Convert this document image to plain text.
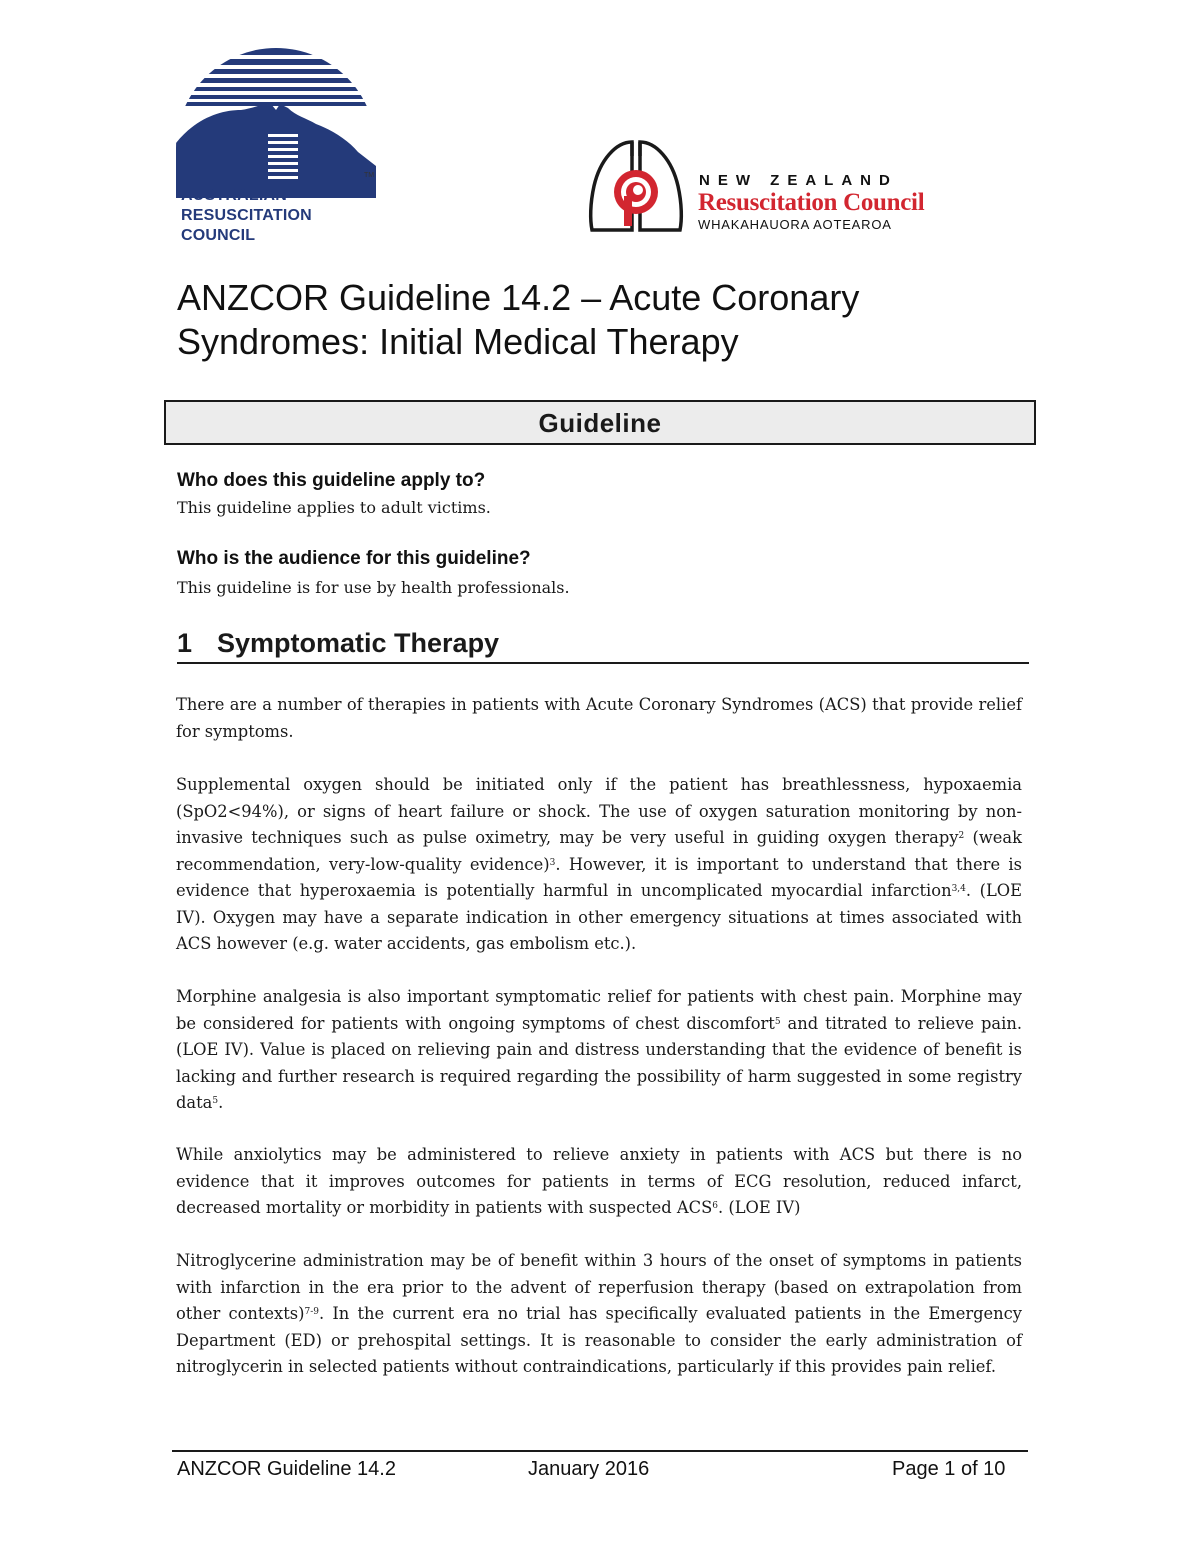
TM
AUSTRALIAN
RESUSCITATION
COUNCIL
NEW ZEALAND
Resuscitation Council
WHAKAHAUORA AOTEAROA
ANZCOR Guideline 14.2 – Acute Coronary
Syndromes: Initial Medical Therapy
Guideline
Who does this guideline apply to?
This guideline applies to adult victims.
Who is the audience for this guideline?
This guideline is for use by health professionals.
1 Symptomatic Therapy
There are a number of therapies in patients with Acute Coronary Syndromes (ACS) that provide relief for symptoms.
Supplemental oxygen should be initiated only if the patient has breathlessness, hypoxaemia (SpO2<94%), or signs of heart failure or shock. The use of oxygen saturation monitoring by non-invasive techniques such as pulse oximetry, may be very useful in guiding oxygen therapy$^2$ (weak recommendation, very-low-quality evidence)$^3$. However, it is important to understand that there is evidence that hyperoxaemia is potentially harmful in uncomplicated myocardial infarction$^{3,4}$. (LOE IV). Oxygen may have a separate indication in other emergency situations at times associated with ACS however (e.g. water accidents, gas embolism etc.).
Morphine analgesia is also important symptomatic relief for patients with chest pain. Morphine may be considered for patients with ongoing symptoms of chest discomfort$^5$ and titrated to relieve pain. (LOE IV). Value is placed on relieving pain and distress understanding that the evidence of benefit is lacking and further research is required regarding the possibility of harm suggested in some registry data$^5$.
While anxiolytics may be administered to relieve anxiety in patients with ACS but there is no evidence that it improves outcomes for patients in terms of ECG resolution, reduced infarct, decreased mortality or morbidity in patients with suspected ACS$^6$. (LOE IV)
Nitroglycerine administration may be of benefit within 3 hours of the onset of symptoms in patients with infarction in the era prior to the advent of reperfusion therapy (based on extrapolation from other contexts)$^{7-9}$. In the current era no trial has specifically evaluated patients in the Emergency Department (ED) or prehospital settings. It is reasonable to consider the early administration of nitroglycerin in selected patients without contraindications, particularly if this provides pain relief.
ANZCOR Guideline 14.2	January 2016	Page 1 of 10
